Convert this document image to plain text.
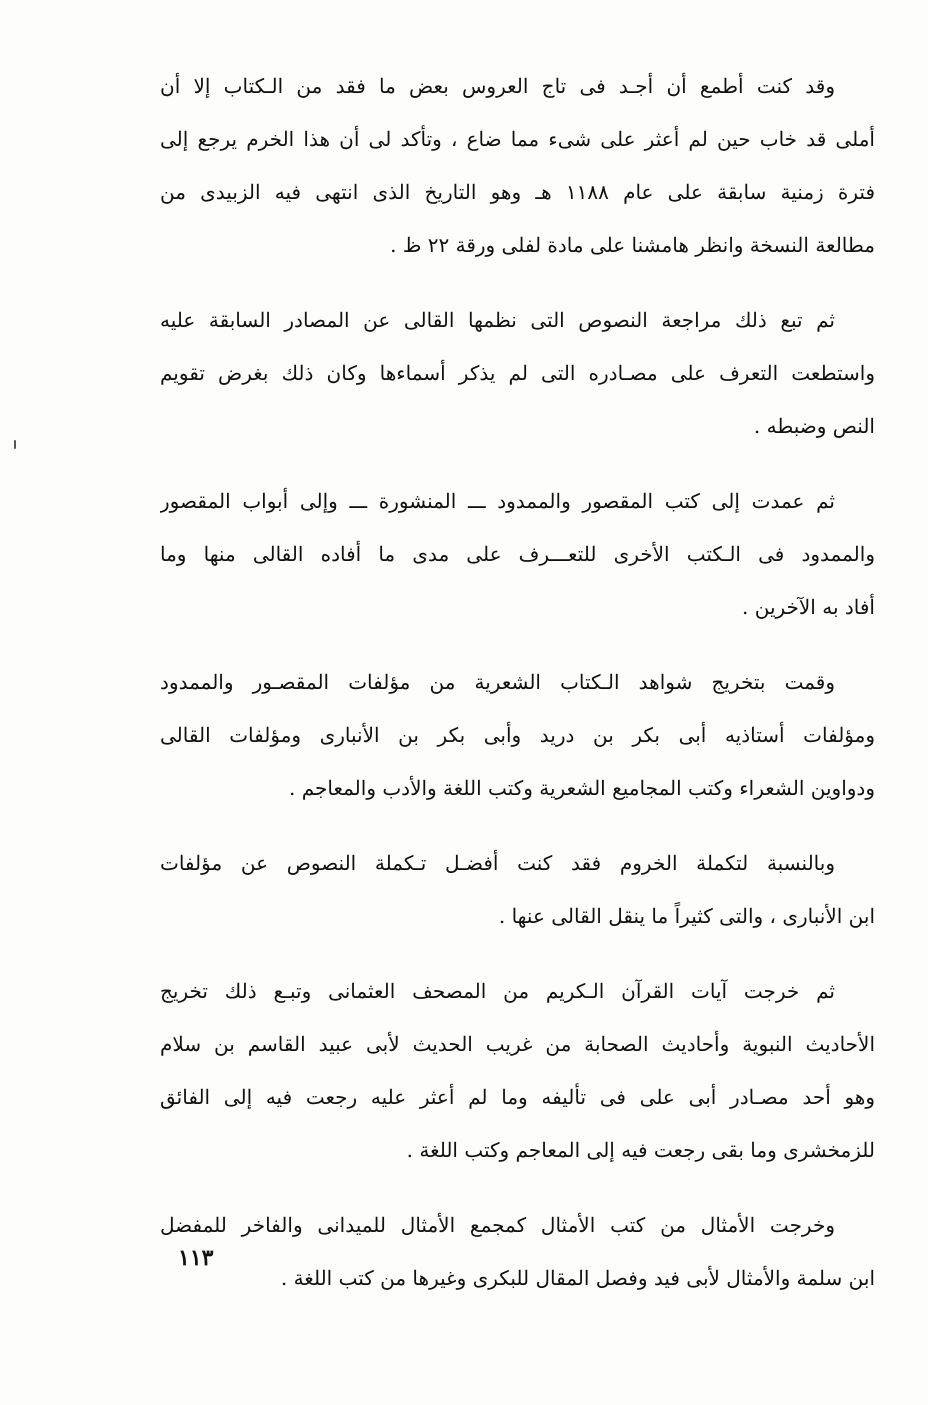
وقد كنت أطمع أن أجـد فى تاج العروس بعض ما فقد من الـكتاب إلا أن
أملى قد خاب حين لم أعثر على شىء مما ضاع ، وتأكد لى أن هذا الخرم يرجع إلى
فترة زمنية سابقة على عام ١١٨٨ هـ وهو التاريخ الذى انتهى فيه الزبيدى من
مطالعة النسخة وانظر هامشنا على مادة لفلى ورقة ٢٢ ظ .
ثم تبع ذلك مراجعة النصوص التى نظمها القالى عن المصادر السابقة عليه
واستطعت التعرف على مصـادره التى لم يذكر أسماءها وكان ذلك بغرض تقويم
النص وضبطه .
ثم عمدت إلى كتب المقصور والممدود ـــ المنشورة ـــ وإلى أبواب المقصور
والممدود فى الـكتب الأخرى للتعـــرف على مدى ما أفاده القالى منها وما
أفاد به الآخرين .
وقمت بتخريج شواهد الـكتاب الشعرية من مؤلفات المقصـور والممدود
ومؤلفات أستاذيه أبى بكر بن دريد وأبى بكر بن الأنبارى ومؤلفات القالى
ودواوين الشعراء وكتب المجاميع الشعرية وكتب اللغة والأدب والمعاجم .
وبالنسبة لتكملة الخروم فقد كنت أفضـل تـكملة النصوص عن مؤلفات
ابن الأنبارى ، والتى كثيراً ما ينقل القالى عنها .
ثم خرجت آيات القرآن الـكريم من المصحف العثمانى وتبـع ذلك تخريج
الأحاديث النبوية وأحاديث الصحابة من غريب الحديث لأبى عبيد القاسم بن سلام
وهو أحد مصـادر أبى على فى تأليفه وما لم أعثر عليه رجعت فيه إلى الفائق
للزمخشرى وما بقى رجعت فيه إلى المعاجم وكتب اللغة .
وخرجت الأمثال من كتب الأمثال كمجمع الأمثال للميدانى والفاخر للمفضل
ابن سلمة والأمثال لأبى فيد وفصل المقال للبكرى وغيرها من كتب اللغة .
١١٣
